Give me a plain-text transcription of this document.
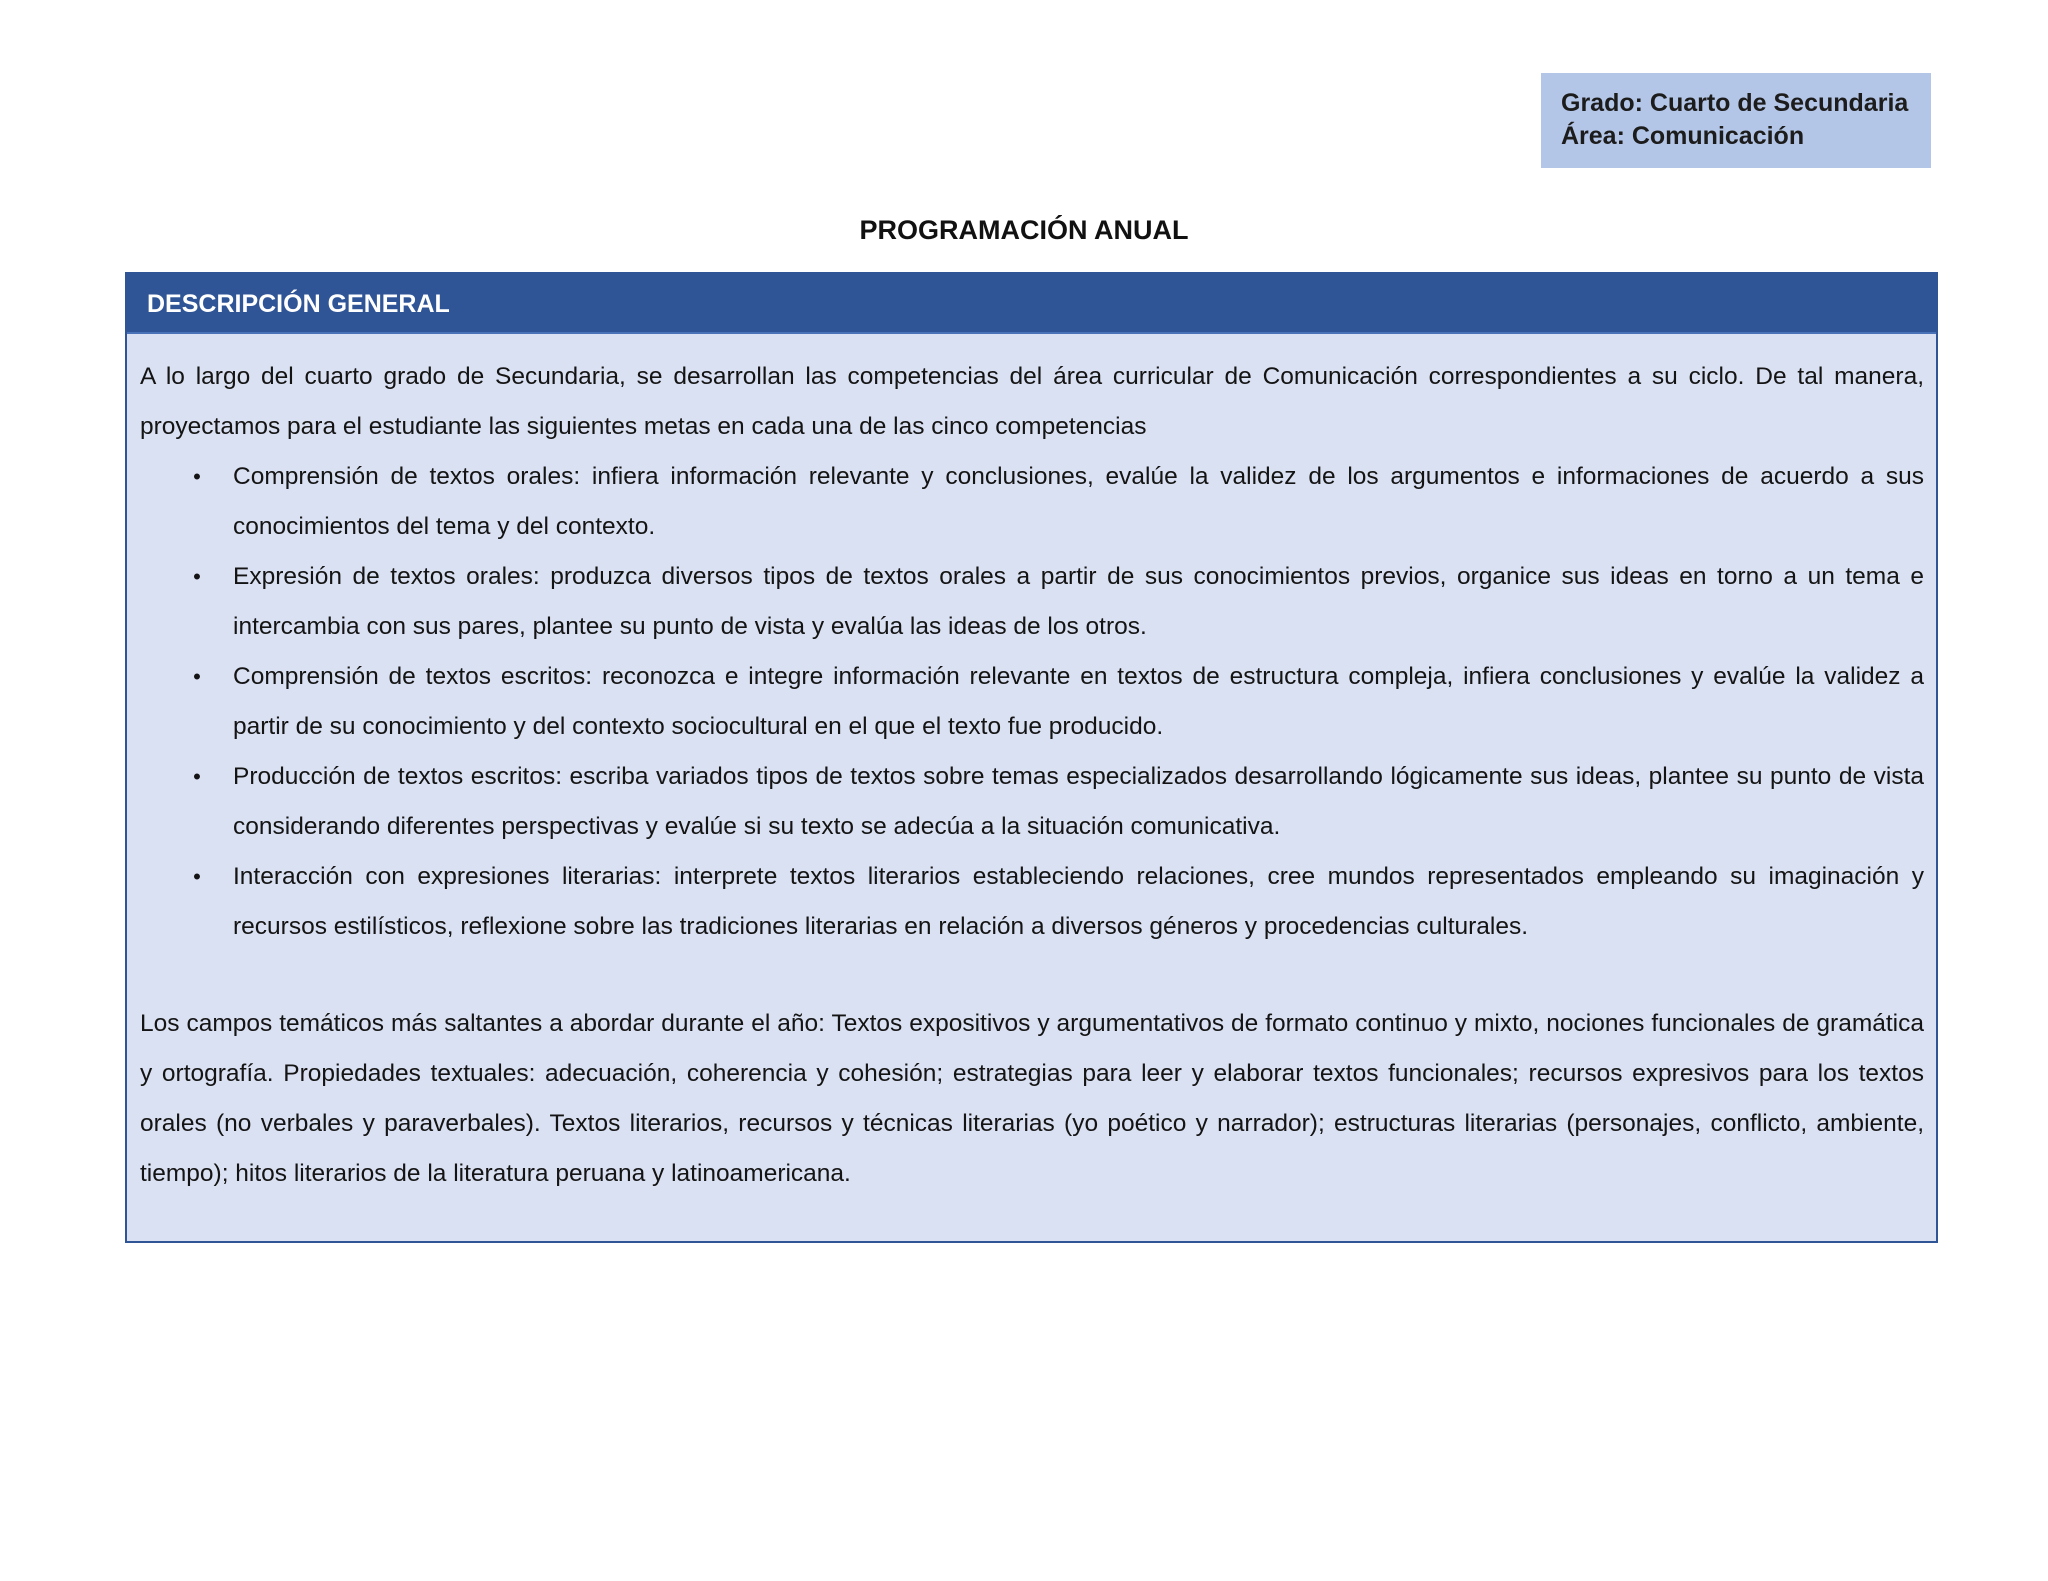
Grado: Cuarto de Secundaria
Área: Comunicación
PROGRAMACIÓN ANUAL
DESCRIPCIÓN GENERAL

A lo largo del cuarto grado de Secundaria, se desarrollan las competencias del área curricular de Comunicación correspondientes a su ciclo. De tal manera, proyectamos para el estudiante las siguientes metas en cada una de las cinco competencias

• Comprensión de textos orales: infiera información relevante y conclusiones, evalúe la validez de los argumentos e informaciones de acuerdo a sus conocimientos del tema y del contexto.
• Expresión de textos orales: produzca diversos tipos de textos orales a partir de sus conocimientos previos, organice sus ideas en torno a un tema e intercambia con sus pares, plantee su punto de vista y evalúa las ideas de los otros.
• Comprensión de textos escritos: reconozca e integre información relevante en textos de estructura compleja, infiera conclusiones y evalúe la validez a partir de su conocimiento y del contexto sociocultural en el que el texto fue producido.
• Producción de textos escritos: escriba variados tipos de textos sobre temas especializados desarrollando lógicamente sus ideas, plantee su punto de vista considerando diferentes perspectivas y evalúe si su texto se adecúa a la situación comunicativa.
• Interacción con expresiones literarias: interprete textos literarios estableciendo relaciones, cree mundos representados empleando su imaginación y recursos estilísticos, reflexione sobre las tradiciones literarias en relación a diversos géneros y procedencias culturales.

Los campos temáticos más saltantes a abordar durante el año: Textos expositivos y argumentativos de formato continuo y mixto, nociones funcionales de gramática y ortografía. Propiedades textuales: adecuación, coherencia y cohesión; estrategias para leer y elaborar textos funcionales; recursos expresivos para los textos orales (no verbales y paraverbales). Textos literarios, recursos y técnicas literarias (yo poético y narrador); estructuras literarias (personajes, conflicto, ambiente, tiempo); hitos literarios de la literatura peruana y latinoamericana.
